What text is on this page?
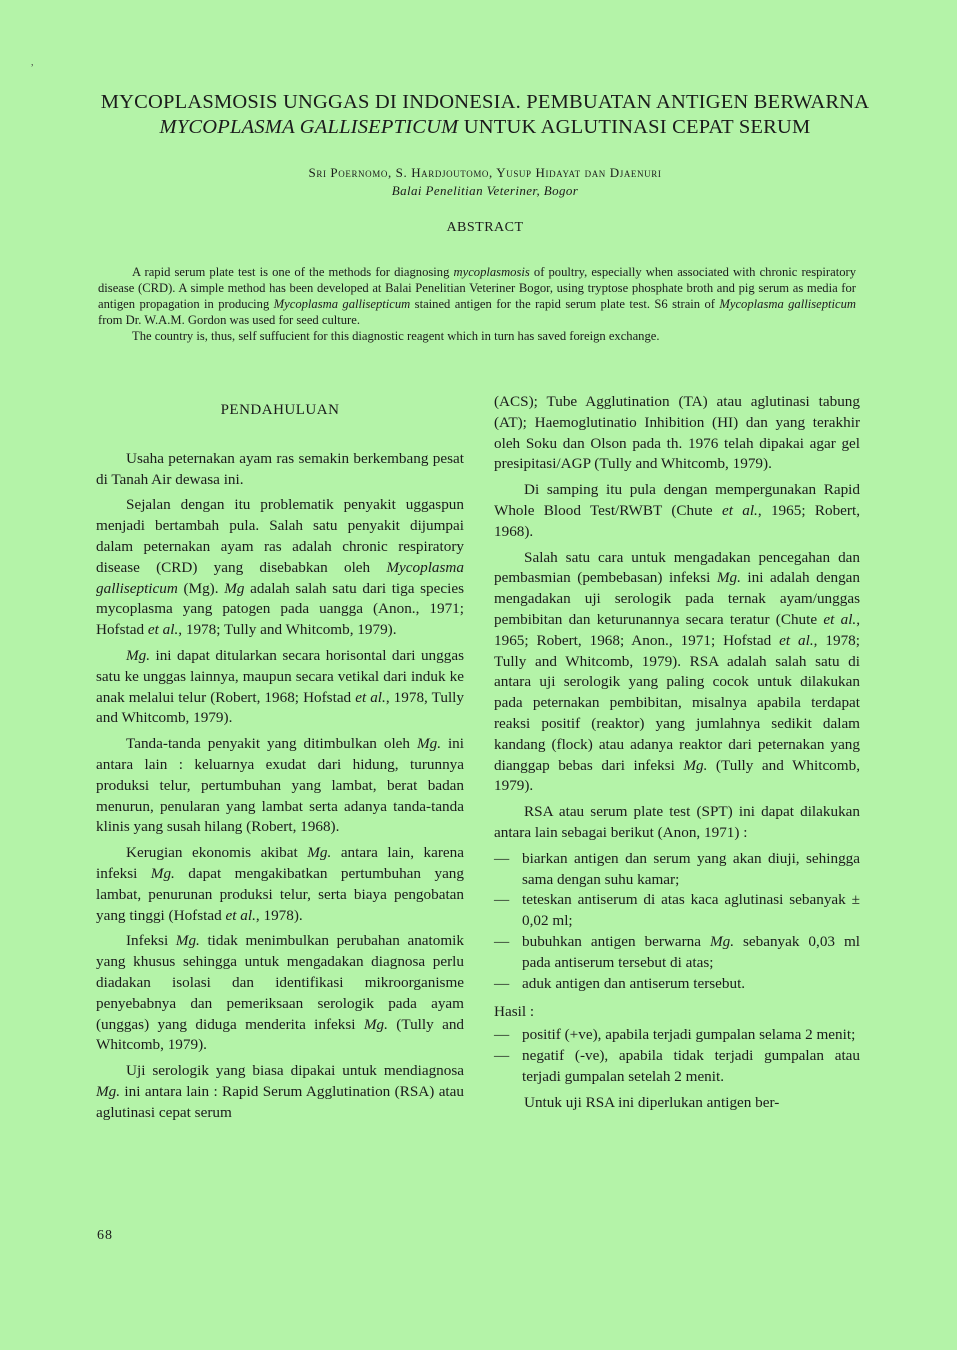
,
MYCOPLASMOSIS UNGGAS DI INDONESIA. PEMBUATAN ANTIGEN BERWARNA
MYCOPLASMA GALLISEPTICUM UNTUK AGLUTINASI CEPAT SERUM
Sri Poernomo, S. Hardjoutomo, Yusup Hidayat dan Djaenuri
Balai Penelitian Veteriner, Bogor
ABSTRACT

A rapid serum plate test is one of the methods for diagnosing mycoplasmosis of poultry, especially when associated with chronic respiratory disease (CRD). A simple method has been developed at Balai Penelitian Veteriner Bogor, using tryptose phosphate broth and pig serum as media for antigen propagation in producing Mycoplasma gallisepticum stained antigen for the rapid serum plate test. S6 strain of Mycoplasma gallisepticum from Dr. W.A.M. Gordon was used for seed culture.

The country is, thus, self suffucient for this diagnostic reagent which in turn has saved foreign exchange.

PENDAHULUAN

Usaha peternakan ayam ras semakin berkembang pesat di Tanah Air dewasa ini.

Sejalan dengan itu problematik penyakit uggaspun menjadi bertambah pula. Salah satu penyakit dijumpai dalam peternakan ayam ras adalah chronic respiratory disease (CRD) yang disebabkan oleh Mycoplasma gallisepticum (Mg). Mg adalah salah satu dari tiga species mycoplasma yang patogen pada uangga (Anon., 1971; Hofstad et al., 1978; Tully and Whitcomb, 1979).

Mg. ini dapat ditularkan secara horisontal dari unggas satu ke unggas lainnya, maupun secara vetikal dari induk ke anak melalui telur (Robert, 1968; Hofstad et al., 1978, Tully and Whitcomb, 1979).

Tanda-tanda penyakit yang ditimbulkan oleh Mg. ini antara lain : keluarnya exudat dari hidung, turunnya produksi telur, pertumbuhan yang lambat, berat badan menurun, penularan yang lambat serta adanya tanda-tanda klinis yang susah hilang (Robert, 1968).

Kerugian ekonomis akibat Mg. antara lain, karena infeksi Mg. dapat mengakibatkan pertumbuhan yang lambat, penurunan produksi telur, serta biaya pengobatan yang tinggi (Hofstad et al., 1978).

Infeksi Mg. tidak menimbulkan perubahan anatomik yang khusus sehingga untuk mengadakan diagnosa perlu diadakan isolasi dan identifikasi mikroorganisme penyebabnya dan pemeriksaan serologik pada ayam (unggas) yang diduga menderita infeksi Mg. (Tully and Whitcomb, 1979).

Uji serologik yang biasa dipakai untuk mendiagnosa Mg. ini antara lain : Rapid Serum Agglutination (RSA) atau aglutinasi cepat serum

(ACS); Tube Agglutination (TA) atau aglutinasi tabung (AT); Haemoglutinatio Inhibition (HI) dan yang terakhir oleh Soku dan Olson pada th. 1976 telah dipakai agar gel presipitasi/AGP (Tully and Whitcomb, 1979).

Di samping itu pula dengan mempergunakan Rapid Whole Blood Test/RWBT (Chute et al., 1965; Robert, 1968).

Salah satu cara untuk mengadakan pencegahan dan pembasmian (pembebasan) infeksi Mg. ini adalah dengan mengadakan uji serologik pada ternak ayam/unggas pembibitan dan keturunannya secara teratur (Chute et al., 1965; Robert, 1968; Anon., 1971; Hofstad et al., 1978; Tully and Whitcomb, 1979). RSA adalah salah satu di antara uji serologik yang paling cocok untuk dilakukan pada peternakan pembibitan, misalnya apabila terdapat reaksi positif (reaktor) yang jumlahnya sedikit dalam kandang (flock) atau adanya reaktor dari peternakan yang dianggap bebas dari infeksi Mg. (Tully and Whitcomb, 1979).

RSA atau serum plate test (SPT) ini dapat dilakukan antara lain sebagai berikut (Anon, 1971) :

— biarkan antigen dan serum yang akan diuji, sehingga sama dengan suhu kamar;
— teteskan antiserum di atas kaca aglutinasi sebanyak ± 0,02 ml;
— bubuhkan antigen berwarna Mg. sebanyak 0,03 ml pada antiserum tersebut di atas;
— aduk antigen dan antiserum tersebut.
Hasil :
— positif (+ve), apabila terjadi gumpalan selama 2 menit;
— negatif (-ve), apabila tidak terjadi gumpalan atau terjadi gumpalan setelah 2 menit.

Untuk uji RSA ini diperlukan antigen ber-

68
